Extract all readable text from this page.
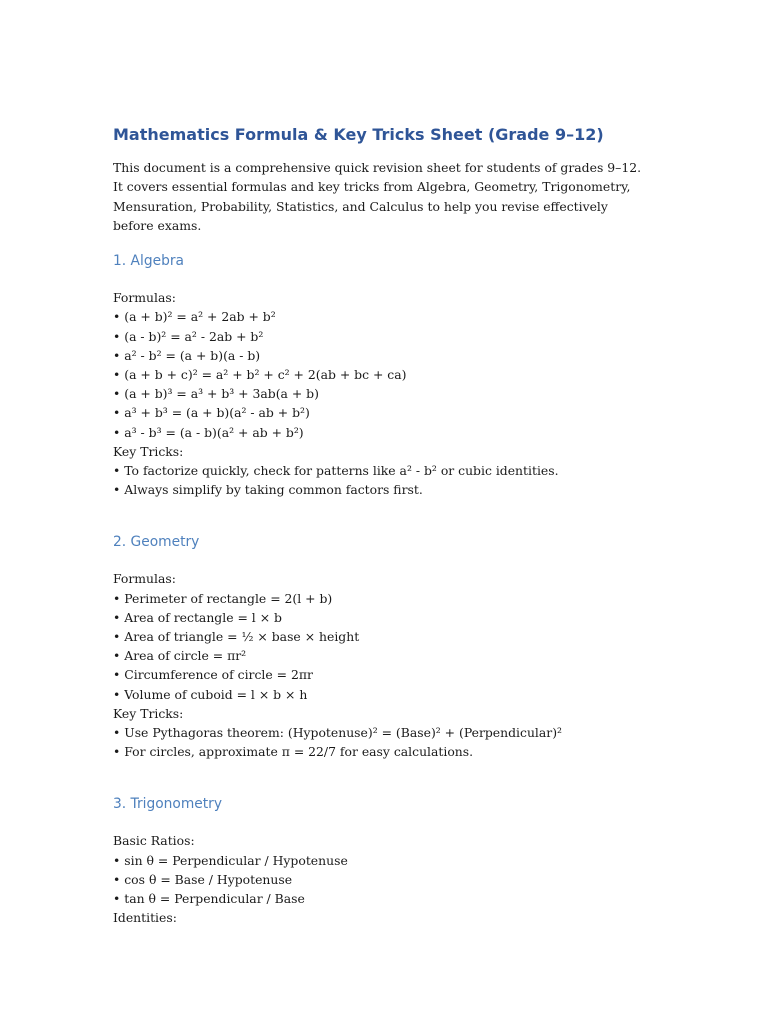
Mathematics Formula & Key Tricks Sheet (Grade 9–12)

This document is a comprehensive quick revision sheet for students of grades 9–12. It covers essential formulas and key tricks from Algebra, Geometry, Trigonometry, Mensuration, Probability, Statistics, and Calculus to help you revise effectively before exams.

1. Algebra
Formulas:
• (a + b)² = a² + 2ab + b²
• (a - b)² = a² - 2ab + b²
• a² - b² = (a + b)(a - b)
• (a + b + c)² = a² + b² + c² + 2(ab + bc + ca)
• (a + b)³ = a³ + b³ + 3ab(a + b)
• a³ + b³ = (a + b)(a² - ab + b²)
• a³ - b³ = (a - b)(a² + ab + b²)
Key Tricks:
• To factorize quickly, check for patterns like a² - b² or cubic identities.
• Always simplify by taking common factors first.
2. Geometry
Formulas:
• Perimeter of rectangle = 2(l + b)
• Area of rectangle = l × b
• Area of triangle = ½ × base × height
• Area of circle = πr²
• Circumference of circle = 2πr
• Volume of cuboid = l × b × h
Key Tricks:
• Use Pythagoras theorem: (Hypotenuse)² = (Base)² + (Perpendicular)²
• For circles, approximate π = 22/7 for easy calculations.
3. Trigonometry
Basic Ratios:
• sin θ = Perpendicular / Hypotenuse
• cos θ = Base / Hypotenuse
• tan θ = Perpendicular / Base
Identities:
